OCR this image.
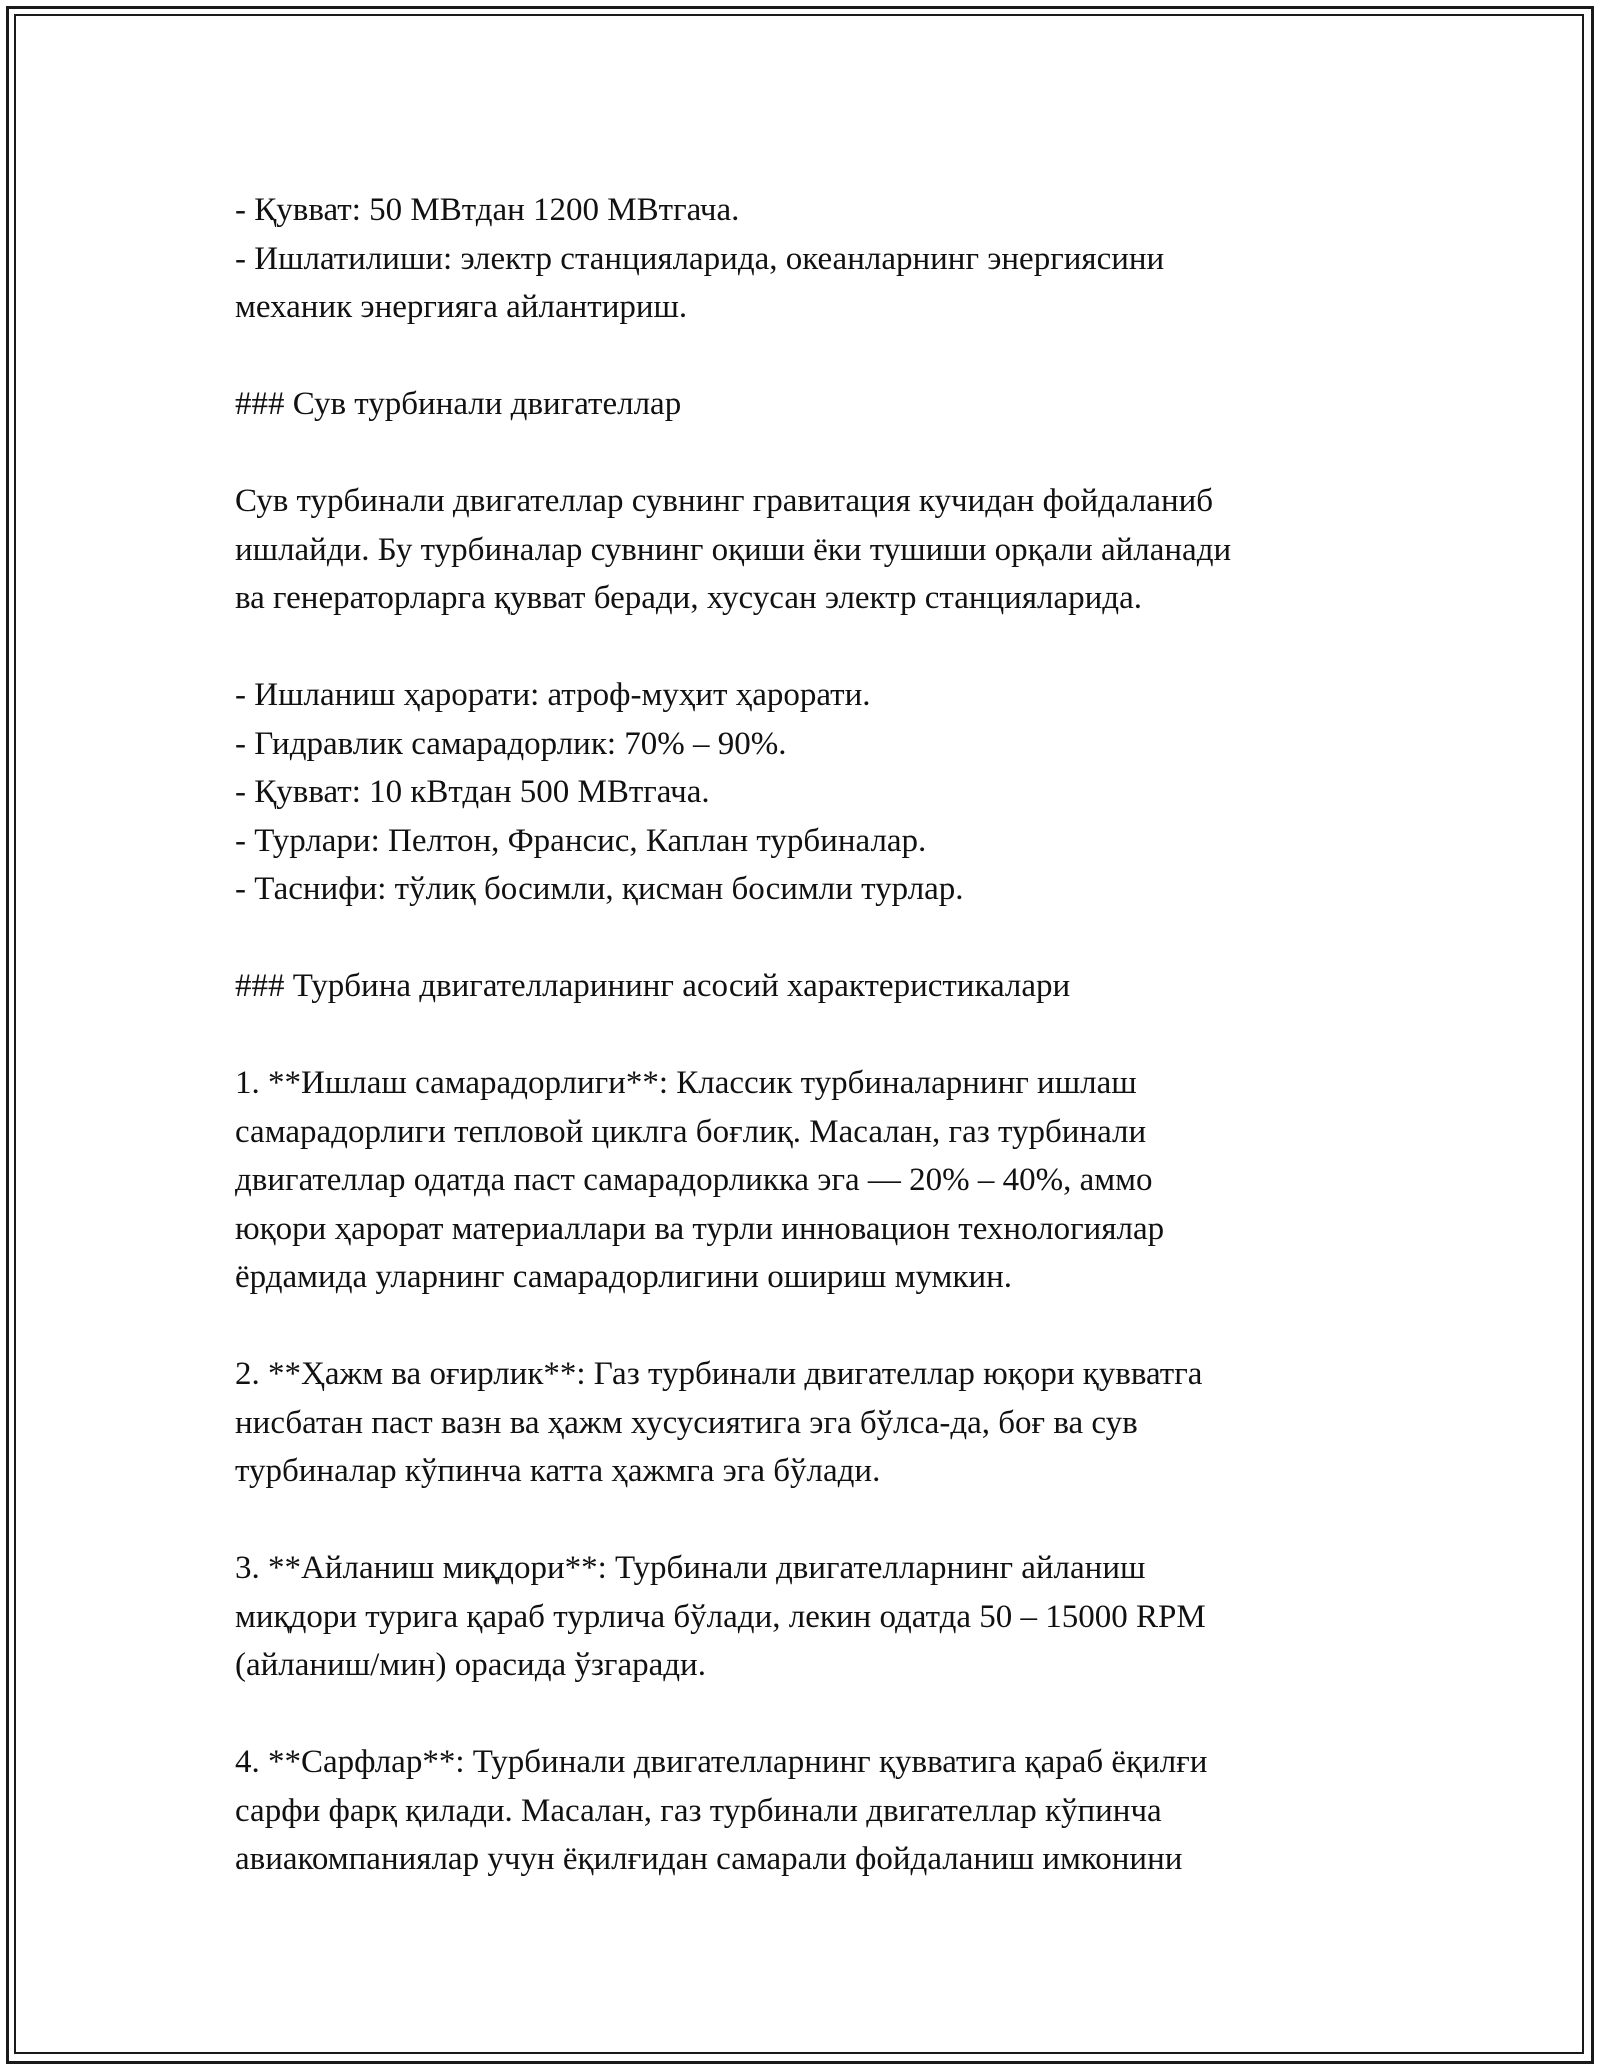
- Қувват: 50 МВтдан 1200 МВтгача.
- Ишлатилиши: электр станцияларида, океанларнинг энергиясини
механик энергияга айлантириш.
### Сув турбинали двигателлар
Сув турбинали двигателлар сувнинг гравитация кучидан фойдаланиб
ишлайди. Бу турбиналар сувнинг оқиши ёки тушиши орқали айланади
ва генераторларга қувват беради, хусусан электр станцияларида.
- Ишланиш ҳарорати: атроф-муҳит ҳарорати.
- Гидравлик самарадорлик: 70% – 90%.
- Қувват: 10 кВтдан 500 МВтгача.
- Турлари: Пелтон, Франсис, Каплан турбиналар.
- Таснифи: тўлиқ босимли, қисман босимли турлар.
### Турбина двигателларининг асосий характеристикалари
1. **Ишлаш самарадорлиги**: Классик турбиналарнинг ишлаш
самарадорлиги тепловой циклга боғлиқ. Масалан, газ турбинали
двигателлар одатда паст самарадорликка эга — 20% – 40%, аммо
юқори ҳарорат материаллари ва турли инновацион технологиялар
ёрдамида уларнинг самарадорлигини ошириш мумкин.
2. **Ҳажм ва оғирлик**: Газ турбинали двигателлар юқори қувватга
нисбатан паст вазн ва ҳажм хусусиятига эга бўлса-да, боғ ва сув
турбиналар кўпинча катта ҳажмга эга бўлади.
3. **Айланиш миқдори**: Турбинали двигателларнинг айланиш
миқдори турига қараб турлича бўлади, лекин одатда 50 – 15000 RPM
(айланиш/мин) орасида ўзгаради.
4. **Сарфлар**: Турбинали двигателларнинг қувватига қараб ёқилғи
сарфи фарқ қилади. Масалан, газ турбинали двигателлар кўпинча
авиакомпаниялар учун ёқилғидан самарали фойдаланиш имконини
